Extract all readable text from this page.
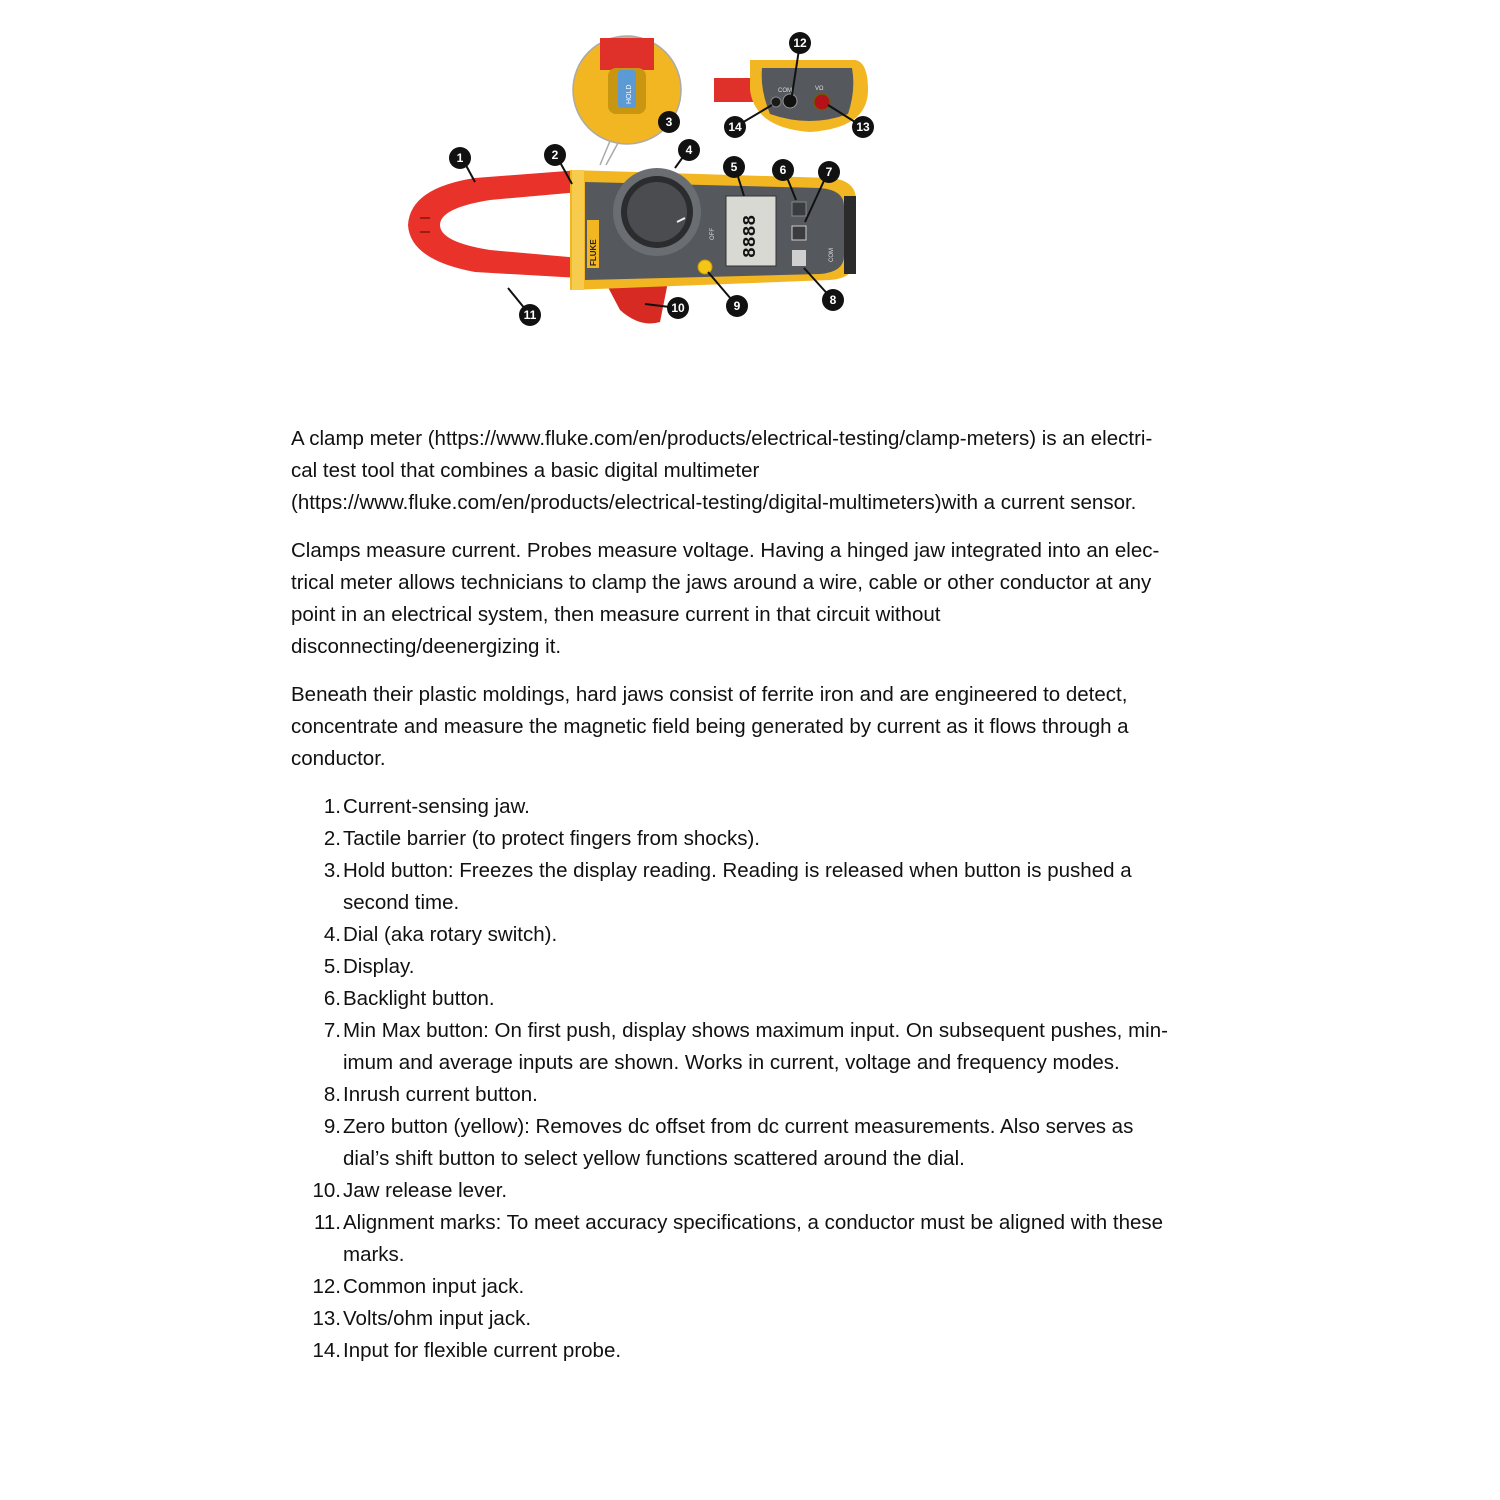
FLUKE
OFF 8888	COM
HOLD	COM	VΩ
1	2
3
4
5	6	7
8
9
10
11
12
13
14

A clamp meter (https://www.fluke.com/en/products/electrical-testing/clamp-meters) is an electri-
cal test tool that combines a basic digital multimeter
(https://www.fluke.com/en/products/electrical-testing/digital-multimeters)with a current sensor.

Clamps measure current. Probes measure voltage. Having a hinged jaw integrated into an elec-
trical meter allows technicians to clamp the jaws around a wire, cable or other conductor at any
point in an electrical system, then measure current in that circuit without
disconnecting/deenergizing it.

Beneath their plastic moldings, hard jaws consist of ferrite iron and are engineered to detect,
concentrate and measure the magnetic field being generated by current as it flows through a
conductor.

1. Current-sensing jaw.
2. Tactile barrier (to protect fingers from shocks).
3. Hold button: Freezes the display reading. Reading is released when button is pushed a
second time.
4. Dial (aka rotary switch).
5. Display.
6. Backlight button.
7. Min Max button: On first push, display shows maximum input. On subsequent pushes, min-
imum and average inputs are shown. Works in current, voltage and frequency modes.
8. Inrush current button.
9. Zero button (yellow): Removes dc offset from dc current measurements. Also serves as
dial’s shift button to select yellow functions scattered around the dial.
10. Jaw release lever.
11. Alignment marks: To meet accuracy specifications, a conductor must be aligned with these
marks.
12. Common input jack.
13. Volts/ohm input jack.
14. Input for flexible current probe.
